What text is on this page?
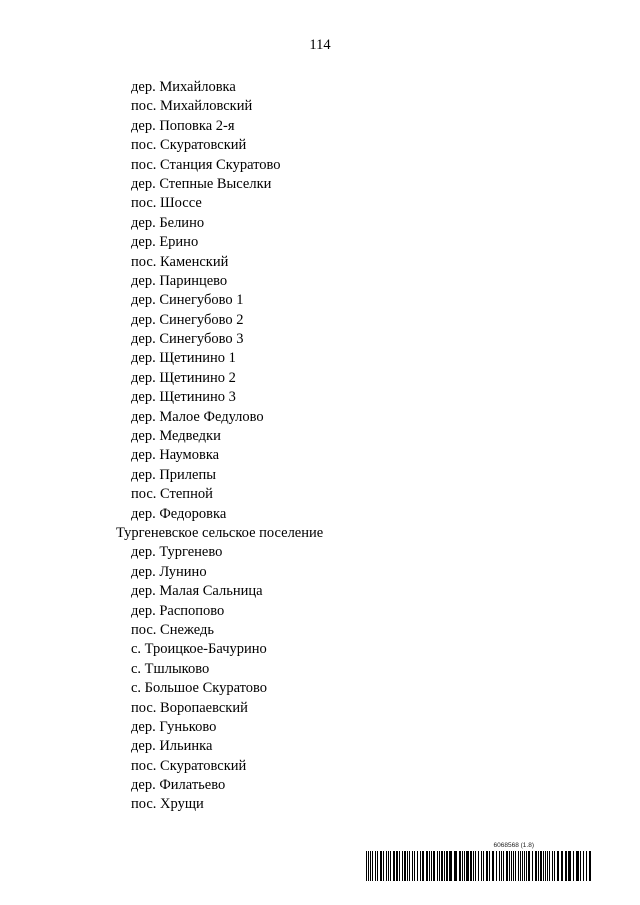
114
дер. Михайловка
пос. Михайловский
дер. Поповка 2-я
пос. Скуратовский
пос. Станция Скуратово
дер. Степные Выселки
пос. Шоссе
дер. Белино
дер. Ерино
пос. Каменский
дер. Паринцево
дер. Синегубово 1
дер. Синегубово 2
дер. Синегубово 3
дер. Щетинино 1
дер. Щетинино 2
дер. Щетинино 3
дер. Малое Федулово
дер. Медведки
дер. Наумовка
дер. Прилепы
пос. Степной
дер. Федоровка
Тургеневское сельское поселение
дер. Тургенево
дер. Лунино
дер. Малая Сальница
дер. Распопово
пос. Снежедь
с. Троицкое-Бачурино
с. Тшлыково
с. Большое Скуратово
пос. Воропаевский
дер. Гуньково
дер. Ильинка
пос. Скуратовский
дер. Филатьево
пос. Хрущи
6068568 (1.8)
